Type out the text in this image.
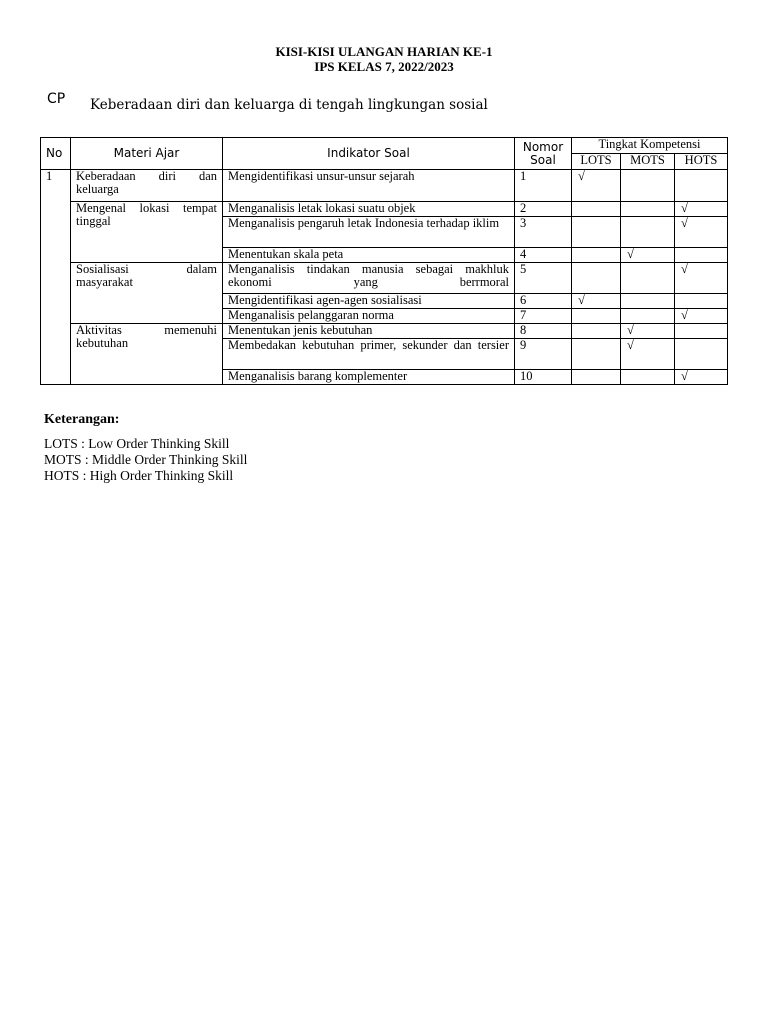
KISI-KISI ULANGAN HARIAN KE-1
IPS KELAS 7, 2022/2023
CP Keberadaan diri dan keluarga di tengah lingkungan sosial
No	Materi Ajar	Indikator Soal	Nomor
Soal	Tingkat Kompetensi		
				LOTS	MOTS	HOTS
1	Keberadaan diri dan keluarga	Mengidentifikasi unsur-unsur sejarah	1	√		
	Mengenal lokasi tempat tinggal	Menganalisis letak lokasi suatu objek	2			√
		Menganalisis pengaruh letak Indonesia terhadap iklim	3			√
		Menentukan skala peta	4		√	
	Sosialisasi dalam masyarakat	Menganalisis tindakan manusia sebagai makhluk ekonomi yang berrmoral	5			√
		Mengidentifikasi agen-agen sosialisasi	6	√		
		Menganalisis pelanggaran norma	7			√
	Aktivitas memenuhi kebutuhan	Menentukan jenis kebutuhan	8		√	
		Membedakan kebutuhan primer, sekunder dan tersier	9		√	
		Menganalisis barang komplementer	10			√
Keterangan:
LOTS : Low Order Thinking Skill
MOTS : Middle Order Thinking Skill
HOTS : High Order Thinking Skill
